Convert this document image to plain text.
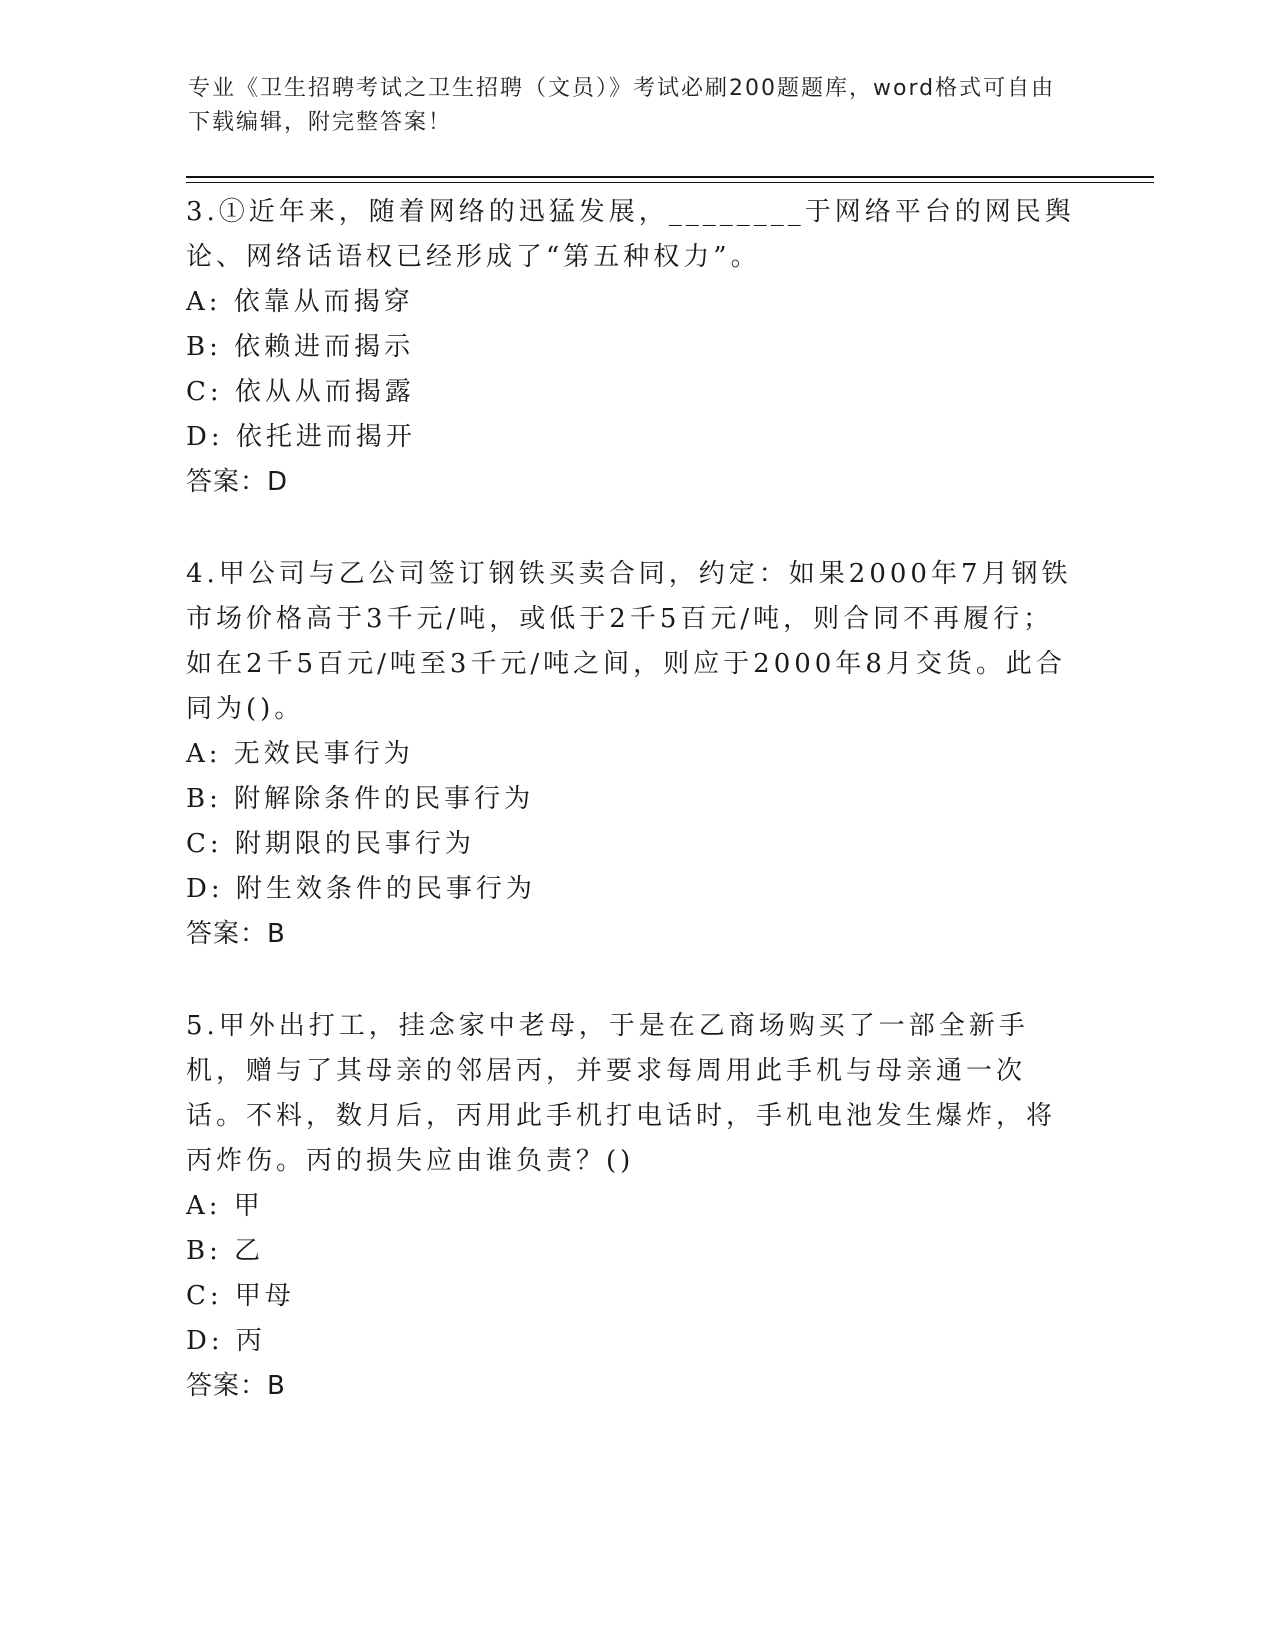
专业《卫生招聘考试之卫生招聘（文员）》考试必刷200题题库，word格式可自由下载编辑，附完整答案！

3.①近年来，随着网络的迅猛发展，________于网络平台的网民舆论、网络话语权已经形成了“第五种权力”。

A: 依靠从而揭穿

B: 依赖进而揭示

C: 依从从而揭露

D: 依托进而揭开

答案：D

4.甲公司与乙公司签订钢铁买卖合同，约定：如果2000年7月钢铁市场价格高于3千元/吨，或低于2千5百元/吨，则合同不再履行；如在2千5百元/吨至3千元/吨之间，则应于2000年8月交货。此合同为()。

A: 无效民事行为

B: 附解除条件的民事行为

C: 附期限的民事行为

D: 附生效条件的民事行为

答案：B

5.甲外出打工，挂念家中老母，于是在乙商场购买了一部全新手机，赠与了其母亲的邻居丙，并要求每周用此手机与母亲通一次话。不料，数月后，丙用此手机打电话时，手机电池发生爆炸，将丙炸伤。丙的损失应由谁负责？()

A: 甲

B: 乙

C: 甲母

D: 丙

答案：B
